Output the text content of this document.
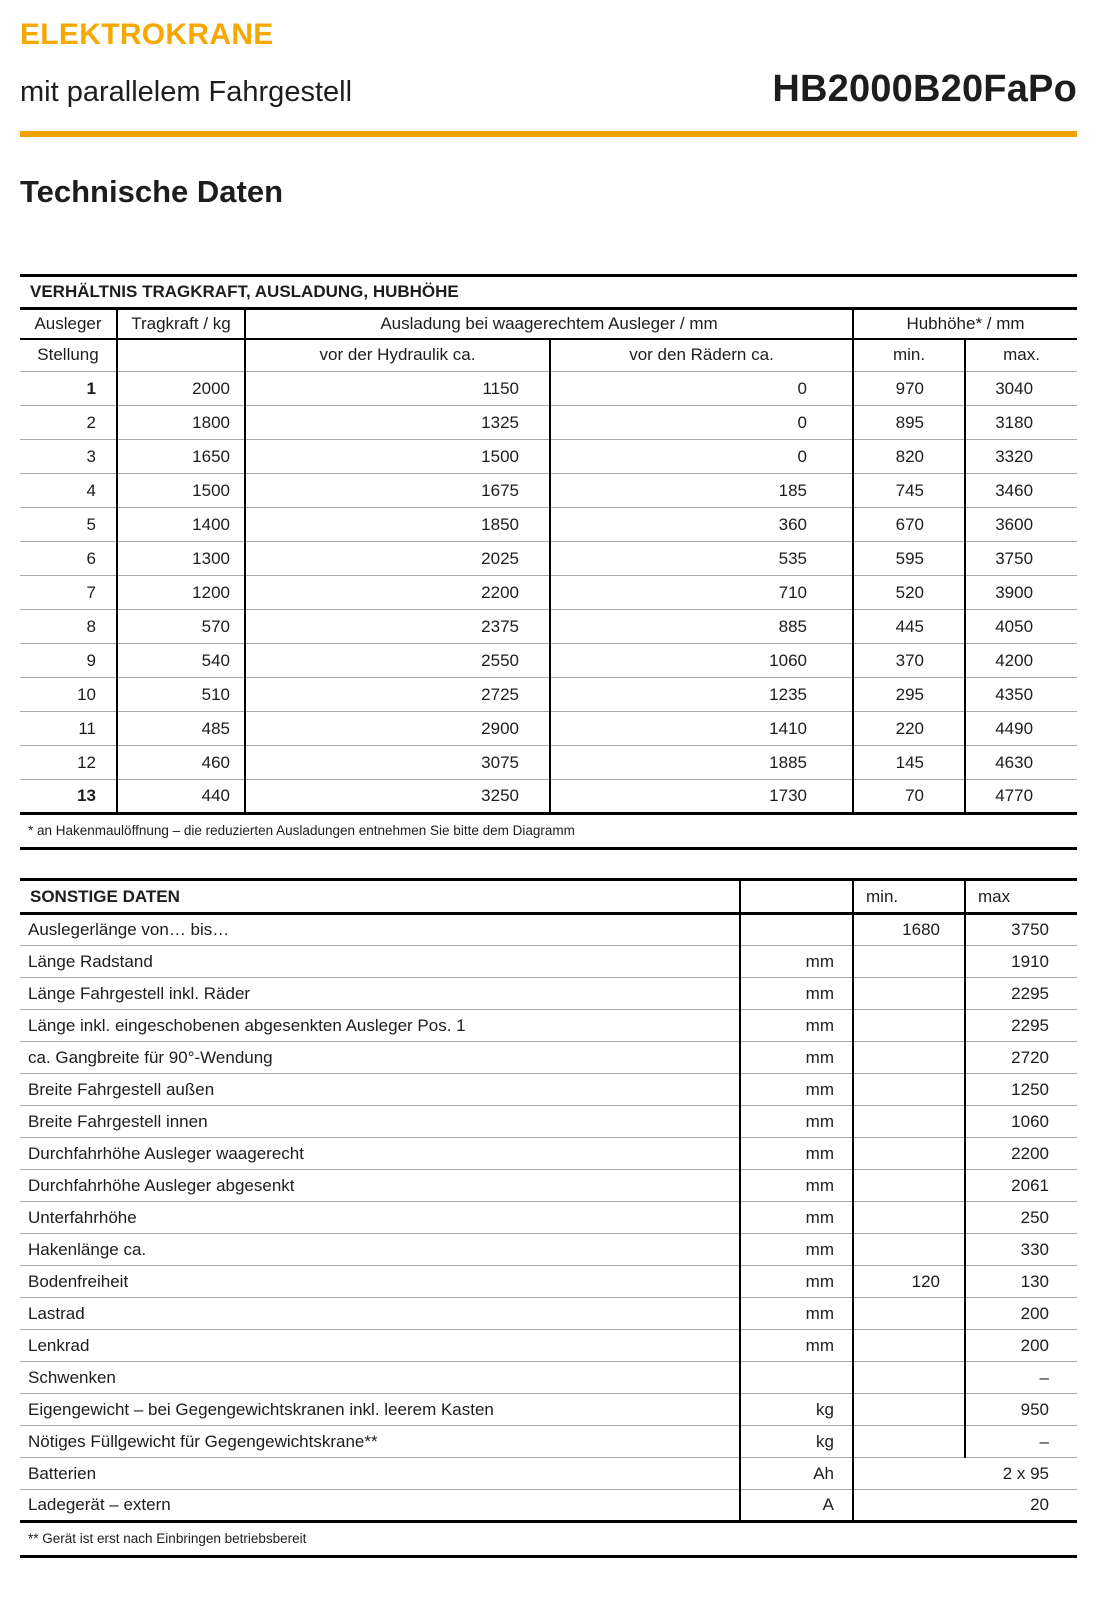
ELEKTROKRANE
mit parallelem Fahrgestell	HB2000B20FaPo
Technische Daten
VERHÄLTNIS TRAGKRAFT, AUSLADUNG, HUBHÖHE					
Ausleger	Tragkraft / kg	Ausladung bei waagerechtem Ausleger / mm		Hubhöhe* / mm	
Stellung		vor der Hydraulik ca.	vor den Rädern ca.	min.	max.
1	2000	1150	0	970	3040
2	1800	1325	0	895	3180
3	1650	1500	0	820	3320
4	1500	1675	185	745	3460
5	1400	1850	360	670	3600
6	1300	2025	535	595	3750
7	1200	2200	710	520	3900
8	570	2375	885	445	4050
9	540	2550	1060	370	4200
10	510	2725	1235	295	4350
11	485	2900	1410	220	4490
12	460	3075	1885	145	4630
13	440	3250	1730	70	4770
* an Hakenmaulöffnung – die reduzierten Ausladungen entnehmen Sie bitte dem Diagramm
SONSTIGE DATEN		min.	max
Auslegerlänge von… bis…		1680	3750
Länge Radstand	mm		1910
Länge Fahrgestell inkl. Räder	mm		2295
Länge inkl. eingeschobenen abgesenkten Ausleger Pos. 1	mm		2295
ca. Gangbreite für 90°-Wendung	mm		2720
Breite Fahrgestell außen	mm		1250
Breite Fahrgestell innen	mm		1060
Durchfahrhöhe Ausleger waagerecht	mm		2200
Durchfahrhöhe Ausleger abgesenkt	mm		2061
Unterfahrhöhe	mm		250
Hakenlänge ca.	mm		330
Bodenfreiheit	mm	120	130
Lastrad	mm		200
Lenkrad	mm		200
Schwenken			–
Eigengewicht – bei Gegengewichtskranen inkl. leerem Kasten	kg		950
Nötiges Füllgewicht für Gegengewichtskrane**	kg		–
Batterien	Ah	2 x 95	
Ladegerät – extern	A	20	
** Gerät ist erst nach Einbringen betriebsbereit
